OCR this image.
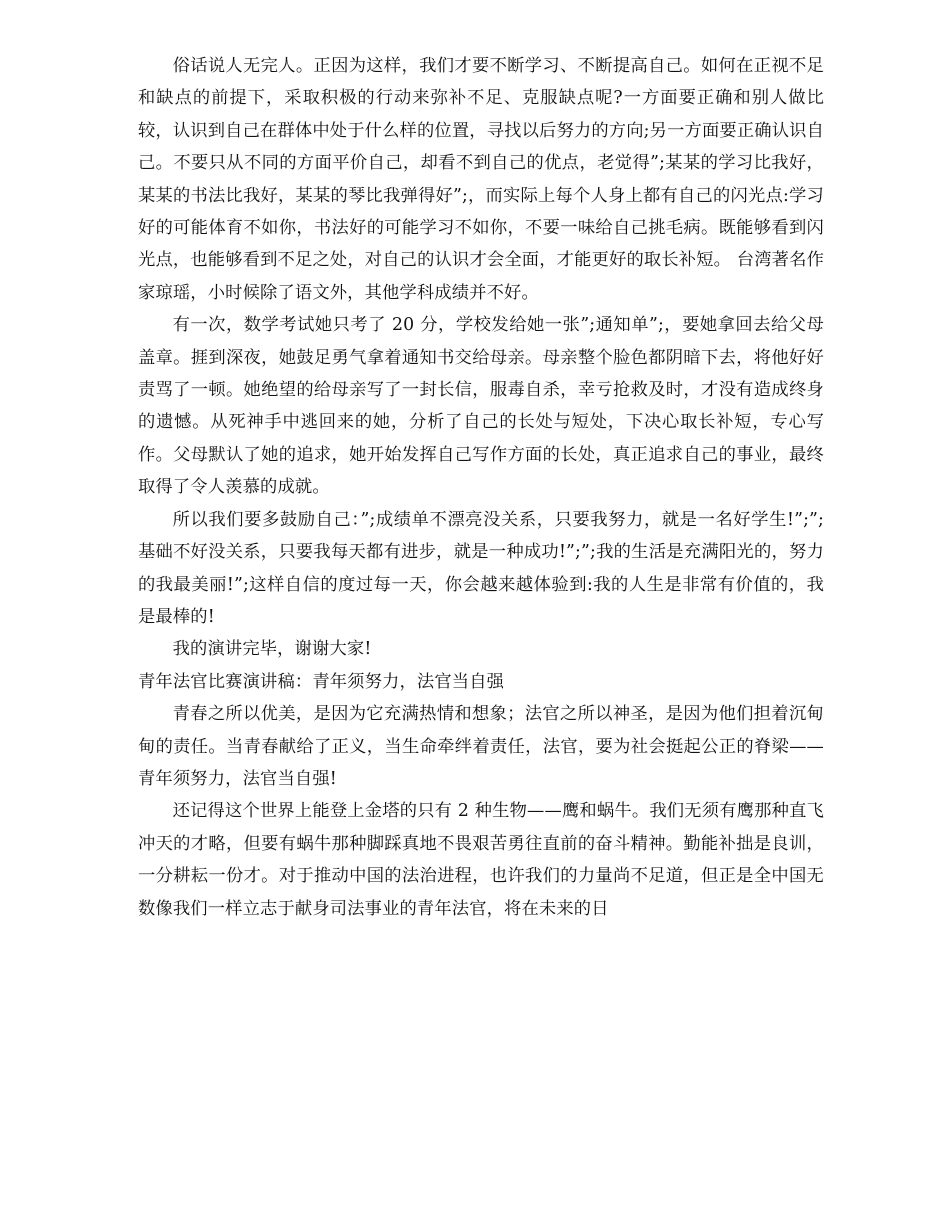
俗话说人无完人。正因为这样，我们才要不断学习、不断提高自己。如何在正视不足和缺点的前提下，采取积极的行动来弥补不足、克服缺点呢?一方面要正确和别人做比较，认识到自己在群体中处于什么样的位置，寻找以后努力的方向;另一方面要正确认识自己。不要只从不同的方面平价自己，却看不到自己的优点，老觉得”;某某的学习比我好，某某的书法比我好，某某的琴比我弹得好”;，而实际上每个人身上都有自己的闪光点:学习好的可能体育不如你，书法好的可能学习不如你，不要一味给自己挑毛病。既能够看到闪光点，也能够看到不足之处，对自己的认识才会全面，才能更好的取长补短。 台湾著名作家琼瑶，小时候除了语文外，其他学科成绩并不好。

有一次，数学考试她只考了 20 分，学校发给她一张”;通知单”;，要她拿回去给父母盖章。捱到深夜，她鼓足勇气拿着通知书交给母亲。母亲整个脸色都阴暗下去，将他好好责骂了一顿。她绝望的给母亲写了一封长信，服毒自杀，幸亏抢救及时，才没有造成终身的遗憾。从死神手中逃回来的她，分析了自己的长处与短处，下决心取长补短，专心写作。父母默认了她的追求，她开始发挥自己写作方面的长处，真正追求自己的事业，最终取得了令人羡慕的成就。

所以我们要多鼓励自己：”;成绩单不漂亮没关系，只要我努力，就是一名好学生!”;”;基础不好没关系，只要我每天都有进步，就是一种成功!”;”;我的生活是充满阳光的，努力的我最美丽!”;这样自信的度过每一天，你会越来越体验到:我的人生是非常有价值的，我是最棒的!

我的演讲完毕，谢谢大家!

青年法官比赛演讲稿：青年须努力，法官当自强

青春之所以优美，是因为它充满热情和想象；法官之所以神圣，是因为他们担着沉甸甸的责任。当青春献给了正义，当生命牵绊着责任，法官，要为社会挺起公正的脊梁——青年须努力，法官当自强!

还记得这个世界上能登上金塔的只有 2 种生物——鹰和蜗牛。我们无须有鹰那种直飞冲天的才略，但要有蜗牛那种脚踩真地不畏艰苦勇往直前的奋斗精神。勤能补拙是良训，一分耕耘一份才。对于推动中国的法治进程，也许我们的力量尚不足道，但正是全中国无数像我们一样立志于献身司法事业的青年法官，将在未来的日
